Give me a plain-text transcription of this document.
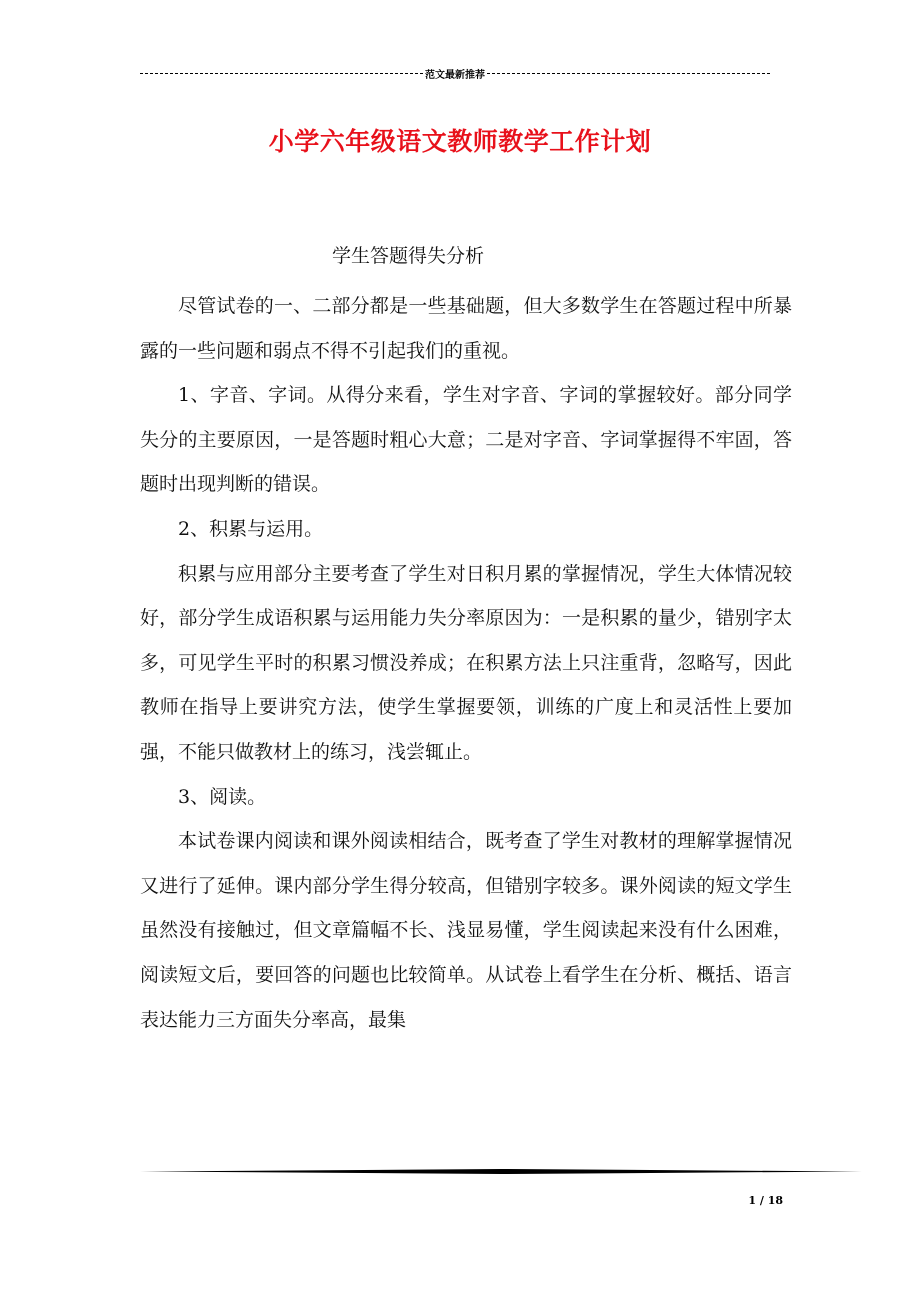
范文最新推荐
小学六年级语文教师教学工作计划
学生答题得失分析

尽管试卷的一、二部分都是一些基础题，但大多数学生在答题过程中所暴露的一些问题和弱点不得不引起我们的重视。

1、字音、字词。从得分来看，学生对字音、字词的掌握较好。部分同学失分的主要原因，一是答题时粗心大意；二是对字音、字词掌握得不牢固，答题时出现判断的错误。

2、积累与运用。

积累与应用部分主要考查了学生对日积月累的掌握情况，学生大体情况较好，部分学生成语积累与运用能力失分率原因为：一是积累的量少，错别字太多，可见学生平时的积累习惯没养成；在积累方法上只注重背，忽略写，因此教师在指导上要讲究方法，使学生掌握要领，训练的广度上和灵活性上要加强，不能只做教材上的练习，浅尝辄止。

3、阅读。

本试卷课内阅读和课外阅读相结合，既考查了学生对教材的理解掌握情况又进行了延伸。课内部分学生得分较高，但错别字较多。课外阅读的短文学生虽然没有接触过，但文章篇幅不长、浅显易懂，学生阅读起来没有什么困难，阅读短文后，要回答的问题也比较简单。从试卷上看学生在分析、概括、语言表达能力三方面失分率高，最集

1 / 18
